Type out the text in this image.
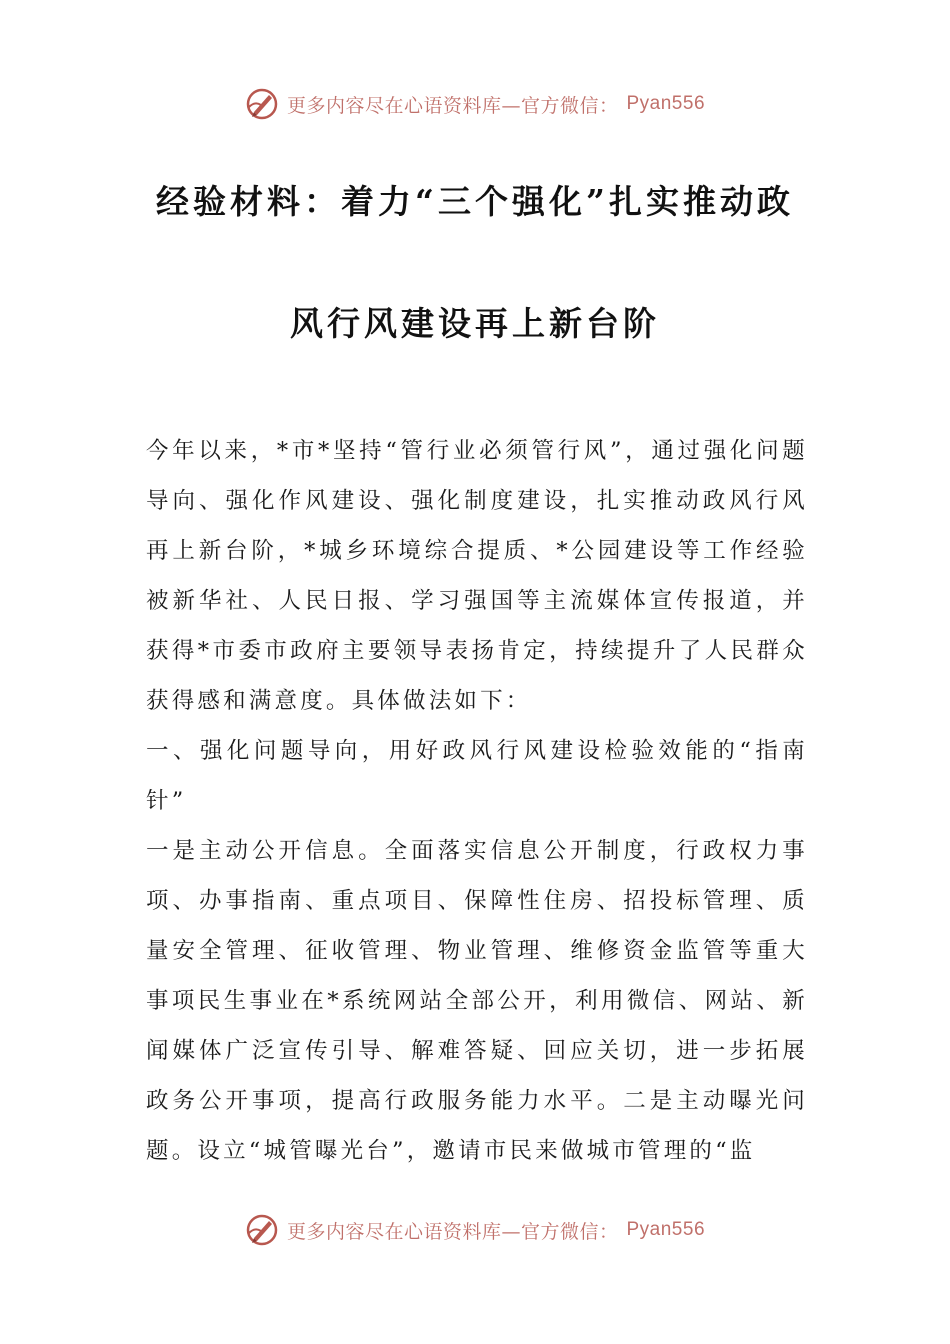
更多内容尽在心语资料库—官方微信： Pyan556
经验材料：着力“三个强化”扎实推动政
风行风建设再上新台阶

今年以来，*市*坚持“管行业必须管行风”，通过强化问题导向、强化作风建设、强化制度建设，扎实推动政风行风再上新台阶，*城乡环境综合提质、*公园建设等工作经验被新华社、人民日报、学习强国等主流媒体宣传报道，并获得*市委市政府主要领导表扬肯定，持续提升了人民群众获得感和满意度。具体做法如下：

一、强化问题导向，用好政风行风建设检验效能的“指南针”

一是主动公开信息。全面落实信息公开制度，行政权力事项、办事指南、重点项目、保障性住房、招投标管理、质量安全管理、征收管理、物业管理、维修资金监管等重大事项民生事业在*系统网站全部公开，利用微信、网站、新闻媒体广泛宣传引导、解难答疑、回应关切，进一步拓展政务公开事项，提高行政服务能力水平。二是主动曝光问题。设立“城管曝光台”，邀请市民来做城市管理的“监

更多内容尽在心语资料库—官方微信： Pyan556
